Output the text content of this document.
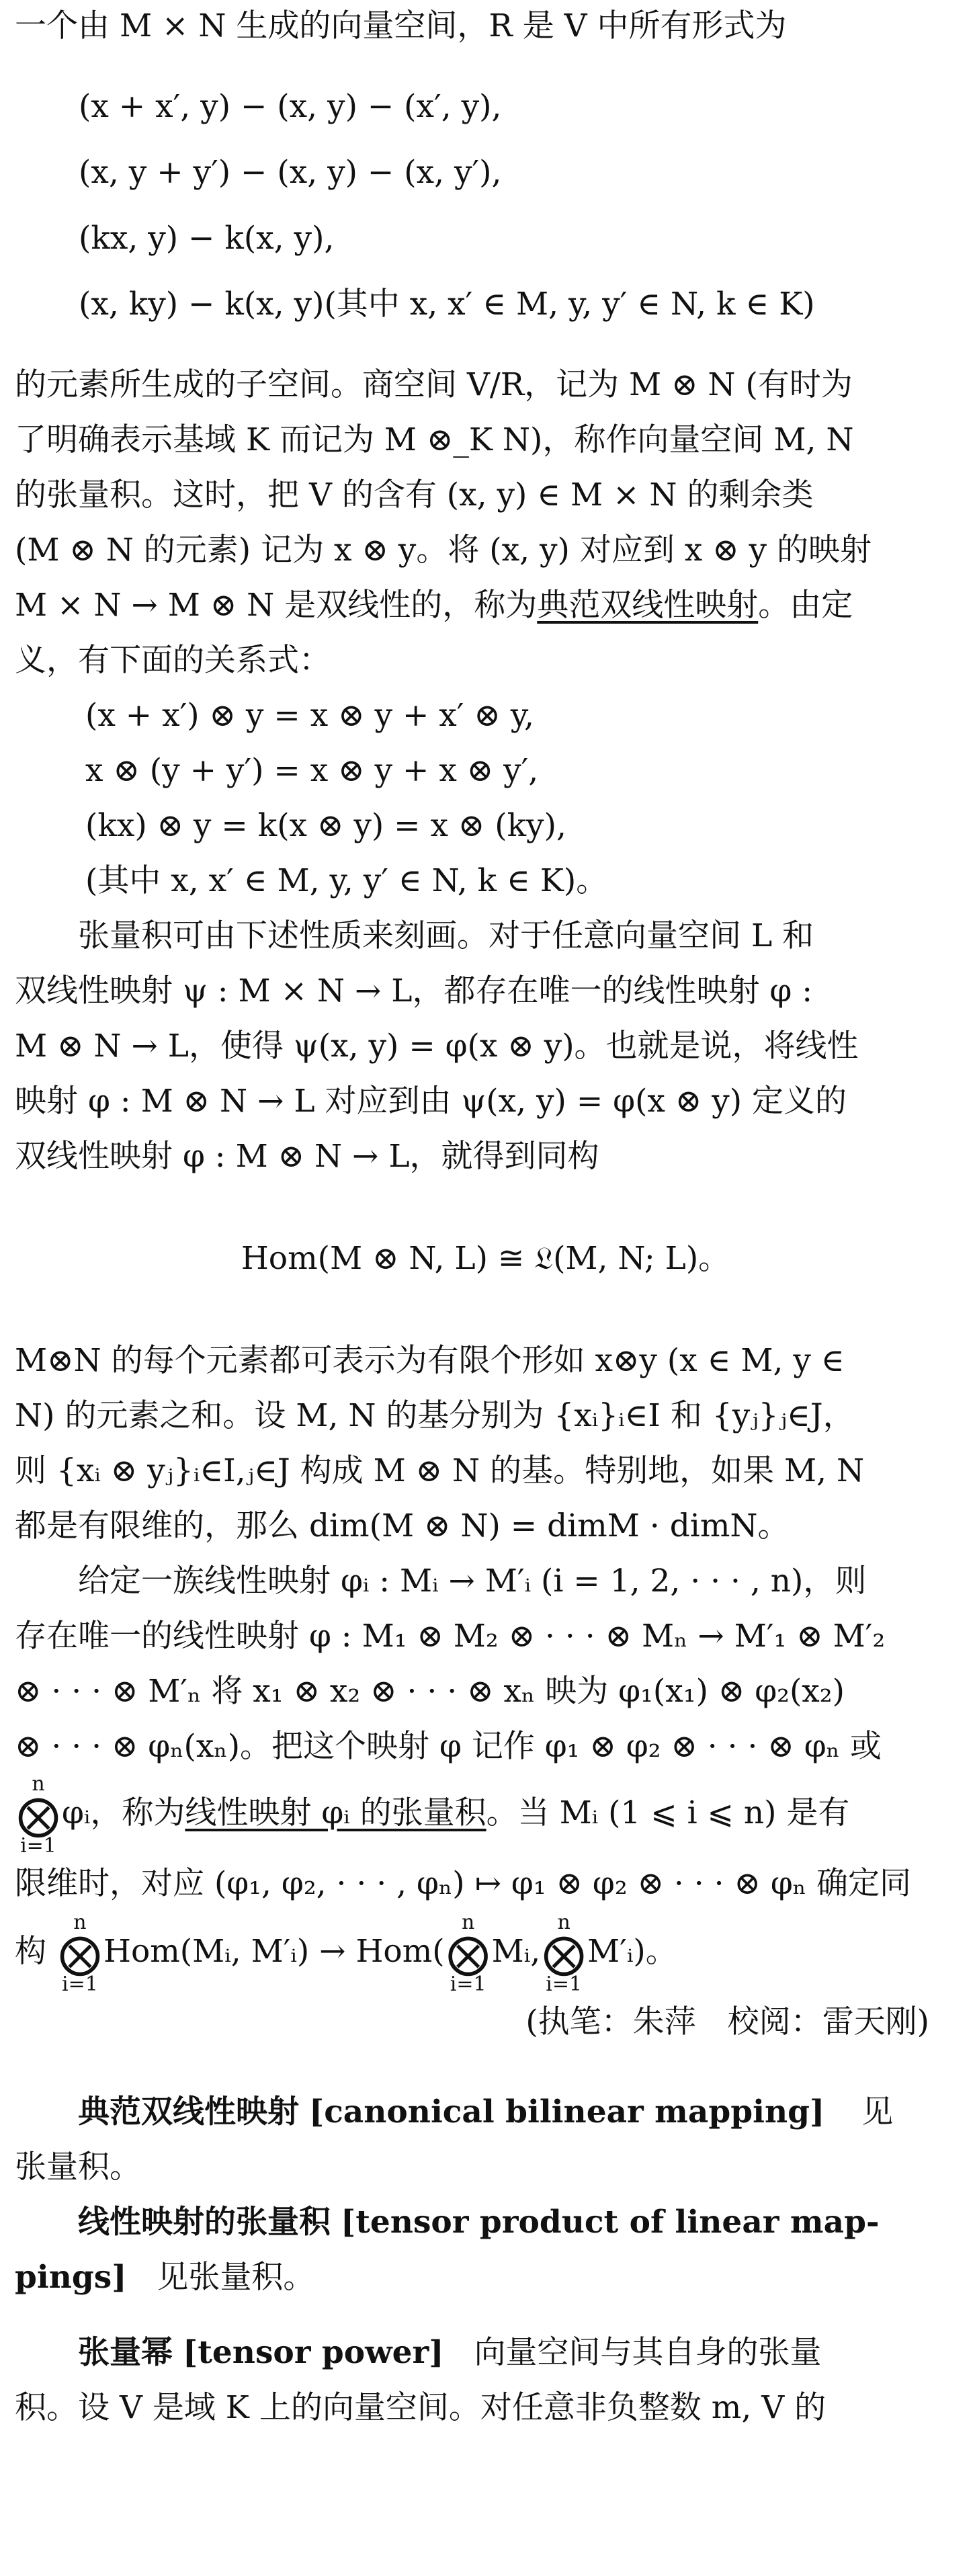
一个由 M × N 生成的向量空间，R 是 V 中所有形式为
(x + x′, y) − (x, y) − (x′, y),
(x, y + y′) − (x, y) − (x, y′),
(kx, y) − k(x, y),
(x, ky) − k(x, y)(其中 x, x′ ∈ M, y, y′ ∈ N, k ∈ K)
的元素所生成的子空间。商空间 V/R，记为 M ⊗ N (有时为
了明确表示基域 K 而记为 M ⊗_K N)，称作向量空间 M, N
的张量积。这时，把 V 的含有 (x, y) ∈ M × N 的剩余类
(M ⊗ N 的元素) 记为 x ⊗ y。将 (x, y) 对应到 x ⊗ y 的映射
M × N → M ⊗ N 是双线性的，称为典范双线性映射。由定
义，有下面的关系式：
(x + x′) ⊗ y = x ⊗ y + x′ ⊗ y,
x ⊗ (y + y′) = x ⊗ y + x ⊗ y′,
(kx) ⊗ y = k(x ⊗ y) = x ⊗ (ky),
(其中 x, x′ ∈ M, y, y′ ∈ N, k ∈ K)。
张量积可由下述性质来刻画。对于任意向量空间 L 和
双线性映射 ψ : M × N → L，都存在唯一的线性映射 φ :
M ⊗ N → L，使得 ψ(x, y) = φ(x ⊗ y)。也就是说，将线性
映射 φ : M ⊗ N → L 对应到由 ψ(x, y) = φ(x ⊗ y) 定义的
双线性映射 φ : M ⊗ N → L，就得到同构
Hom(M ⊗ N, L) ≅ 𝔏(M, N; L)。
M⊗N 的每个元素都可表示为有限个形如 x⊗y (x ∈ M, y ∈
N) 的元素之和。设 M, N 的基分别为 {xᵢ}ᵢ∈I 和 {yⱼ}ⱼ∈J，
则 {xᵢ ⊗ yⱼ}ᵢ∈I,ⱼ∈J 构成 M ⊗ N 的基。特别地，如果 M, N
都是有限维的，那么 dim(M ⊗ N) = dimM · dimN。
给定一族线性映射 φᵢ : Mᵢ → M′ᵢ (i = 1, 2, · · · , n)，则
存在唯一的线性映射 φ : M₁ ⊗ M₂ ⊗ · · · ⊗ Mₙ → M′₁ ⊗ M′₂
⊗ · · · ⊗ M′ₙ 将 x₁ ⊗ x₂ ⊗ · · · ⊗ xₙ 映为 φ₁(x₁) ⊗ φ₂(x₂)
⊗ · · · ⊗ φₙ(xₙ)。把这个映射 φ 记作 φ₁ ⊗ φ₂ ⊗ · · · ⊗ φₙ 或
n
⨂
i=1
φᵢ，称为线性映射 φᵢ 的张量积。当 Mᵢ (1 ⩽ i ⩽ n) 是有
限维时，对应 (φ₁, φ₂, · · · , φₙ) ↦ φ₁ ⊗ φ₂ ⊗ · · · ⊗ φₙ 确定同
构
n
⨂
i=1
Hom(Mᵢ, M′ᵢ) → Hom(
n
⨂
i=1
Mᵢ,
n
⨂
i=1
M′ᵢ)。
(执笔：朱萍　校阅：雷天刚)
典范双线性映射 [canonical bilinear mapping] 见
张量积。
线性映射的张量积 [tensor product of linear map-
pings] 见张量积。
张量幂 [tensor power] 向量空间与其自身的张量
积。设 V 是域 K 上的向量空间。对任意非负整数 m, V 的
